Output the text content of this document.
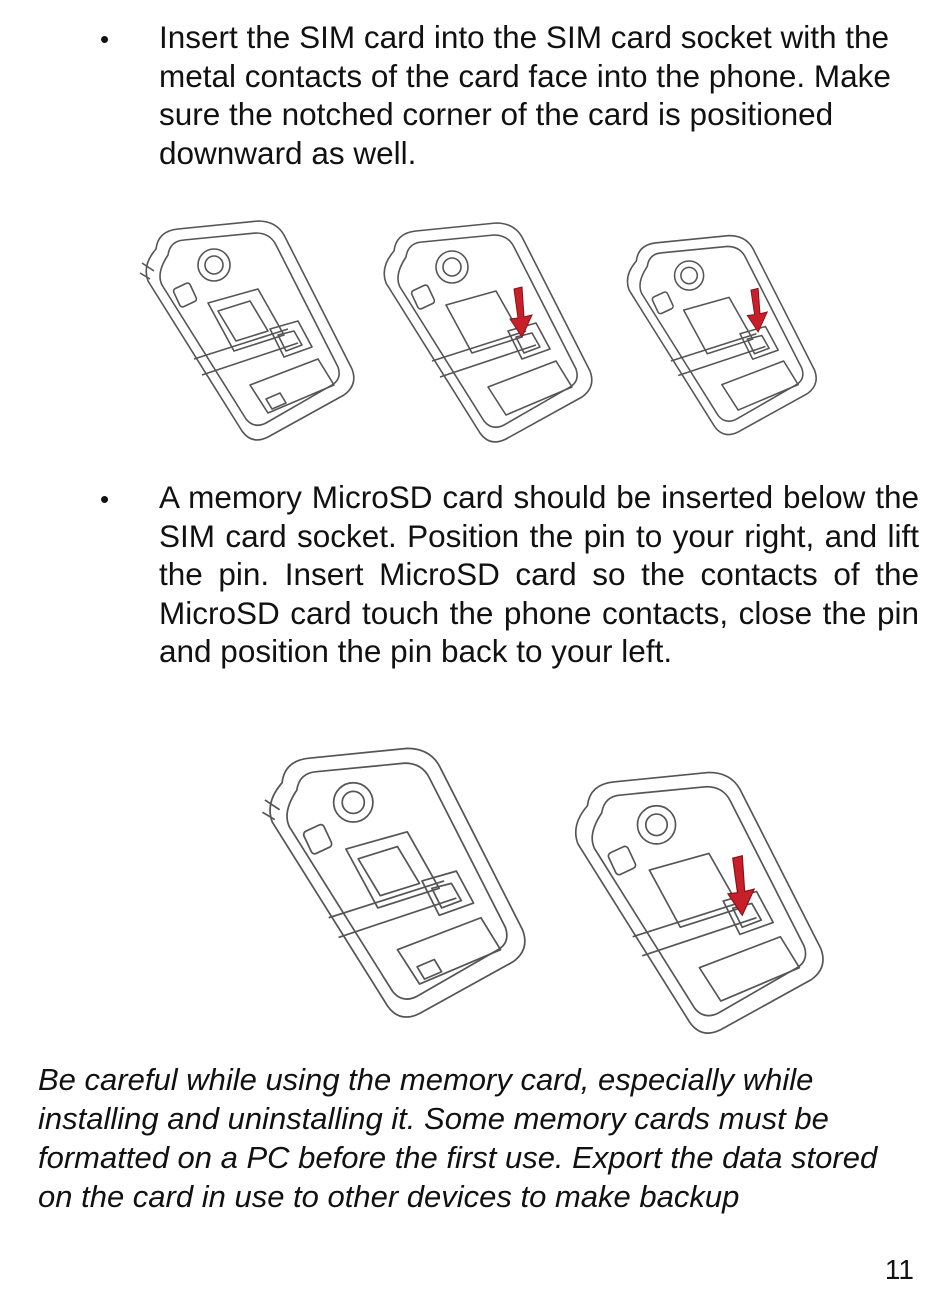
• Insert the SIM card into the SIM card socket with the metal contacts of the card face into the phone. Make sure the notched corner of the card is positioned downward as well.

• A memory MicroSD card should be inserted below the SIM card socket. Position the pin to your right, and lift the pin. Insert MicroSD card so the contacts of the MicroSD card touch the phone contacts, close the pin and position the pin back to your left.

Be careful while using the memory card, especially while installing and uninstalling it. Some memory cards must be formatted on a PC before the first use. Export the data stored on the card in use to other devices to make backup

11
